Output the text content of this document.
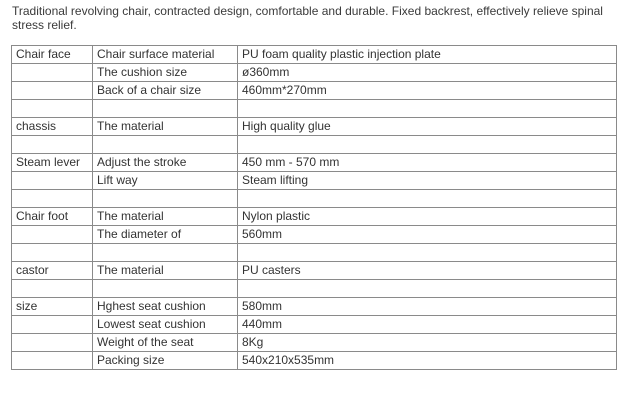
Traditional revolving chair, contracted design, comfortable and durable. Fixed backrest, effectively relieve spinal stress relief.
Chair face	Chair surface material	PU foam quality plastic injection plate
	The cushion size	ø360mm
	Back of a chair size	460mm*270mm

chassis	The material	High quality glue

Steam lever	Adjust the stroke	450 mm - 570 mm
	Lift way	Steam lifting

Chair foot	The material	Nylon plastic
	The diameter of	560mm

castor	The material	PU casters

size	Hghest seat cushion	580mm
	Lowest seat cushion	440mm
	Weight of the seat	8Kg
	Packing size	540x210x535mm
